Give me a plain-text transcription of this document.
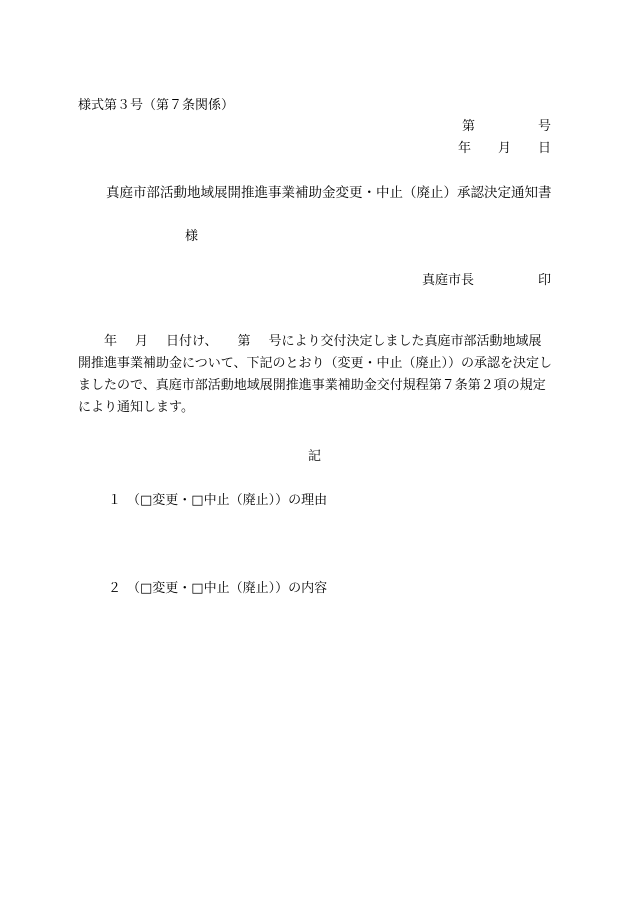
様式第３号（第７条関係）
第	号
年 月 日
真庭市部活動地域展開推進事業補助金変更・中止（廃止）承認決定通知書
様
真庭市長	印
年 月 日付け、 第 号により交付決定しました真庭市部活動地域展開推進事業補助金について、下記のとおり（変更・中止（廃止））の承認を決定しましたので、真庭市部活動地域展開推進事業補助金交付規程第７条第２項の規定により通知します。
記
１ （□変更・□中止（廃止））の理由
２ （□変更・□中止（廃止））の内容
